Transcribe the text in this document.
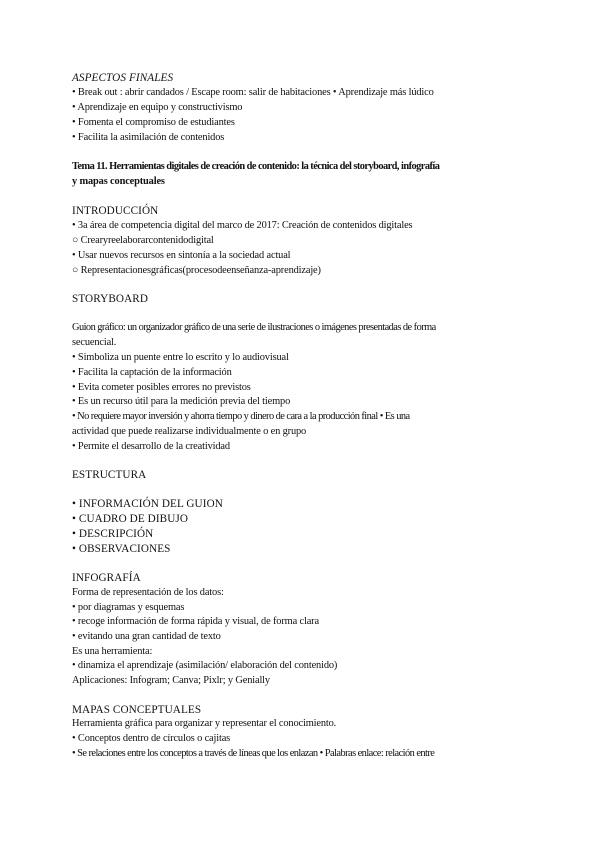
ASPECTOS FINALES
• Break out : abrir candados / Escape room: salir de habitaciones • Aprendizaje más lúdico
• Aprendizaje en equipo y constructivismo
• Fomenta el compromiso de estudiantes
• Facilita la asimilación de contenidos
Tema 11. Herramientas digitales de creación de contenido: la técnica del storyboard, infografía
y mapas conceptuales
INTRODUCCIÓN
• 3a área de competencia digital del marco de 2017: Creación de contenidos digitales
○ Crearyreelaborarcontenidodigital
• Usar nuevos recursos en sintonía a la sociedad actual
○ Representacionesgráficas(procesodeenseñanza-aprendizaje)
STORYBOARD
Guion gráfico: un organizador gráfico de una serie de ilustraciones o imágenes presentadas de forma
secuencial.
• Simboliza un puente entre lo escrito y lo audiovisual
• Facilita la captación de la información
• Evita cometer posibles errores no previstos
• Es un recurso útil para la medición previa del tiempo
• No requiere mayor inversión y ahorra tiempo y dinero de cara a la producción final • Es una
actividad que puede realizarse individualmente o en grupo
• Permite el desarrollo de la creatividad
ESTRUCTURA
• INFORMACIÓN DEL GUION
• CUADRO DE DIBUJO
• DESCRIPCIÓN
• OBSERVACIONES
INFOGRAFÍA
Forma de representación de los datos:
• por diagramas y esquemas
• recoge información de forma rápida y visual, de forma clara
• evitando una gran cantidad de texto
Es una herramienta:
• dinamiza el aprendizaje (asimilación/ elaboración del contenido)
Aplicaciones: Infogram; Canva; Pixlr; y Genially
MAPAS CONCEPTUALES
Herramienta gráfica para organizar y representar el conocimiento.
• Conceptos dentro de círculos o cajitas
• Se relaciones entre los conceptos a través de líneas que los enlazan • Palabras enlace: relación entre
